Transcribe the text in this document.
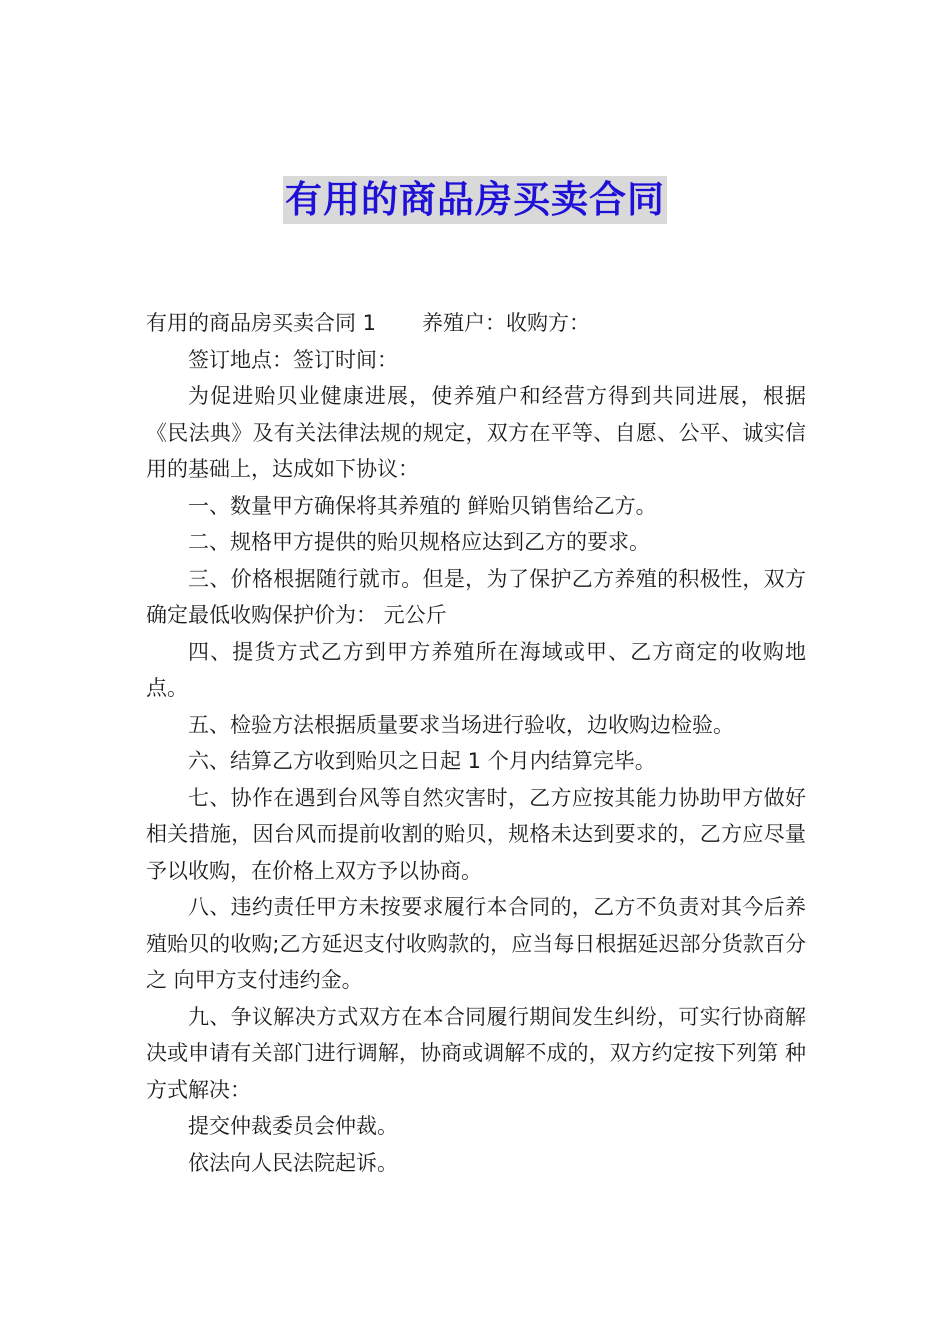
有用的商品房买卖合同

有用的商品房买卖合同 1 养殖户：收购方：

签订地点：签订时间：

为促进贻贝业健康进展，使养殖户和经营方得到共同进展，根据《民法典》及有关法律法规的规定，双方在平等、自愿、公平、诚实信用的基础上，达成如下协议：

一、数量甲方确保将其养殖的 鲜贻贝销售给乙方。

二、规格甲方提供的贻贝规格应达到乙方的要求。

三、价格根据随行就市。但是，为了保护乙方养殖的积极性，双方确定最低收购保护价为： 元公斤

四、提货方式乙方到甲方养殖所在海域或甲、乙方商定的收购地点。

五、检验方法根据质量要求当场进行验收，边收购边检验。

六、结算乙方收到贻贝之日起 1 个月内结算完毕。

七、协作在遇到台风等自然灾害时，乙方应按其能力协助甲方做好相关措施，因台风而提前收割的贻贝，规格未达到要求的，乙方应尽量予以收购，在价格上双方予以协商。

八、违约责任甲方未按要求履行本合同的，乙方不负责对其今后养殖贻贝的收购;乙方延迟支付收购款的，应当每日根据延迟部分货款百分之 向甲方支付违约金。

九、争议解决方式双方在本合同履行期间发生纠纷，可实行协商解决或申请有关部门进行调解，协商或调解不成的，双方约定按下列第 种方式解决：

提交仲裁委员会仲裁。

依法向人民法院起诉。
